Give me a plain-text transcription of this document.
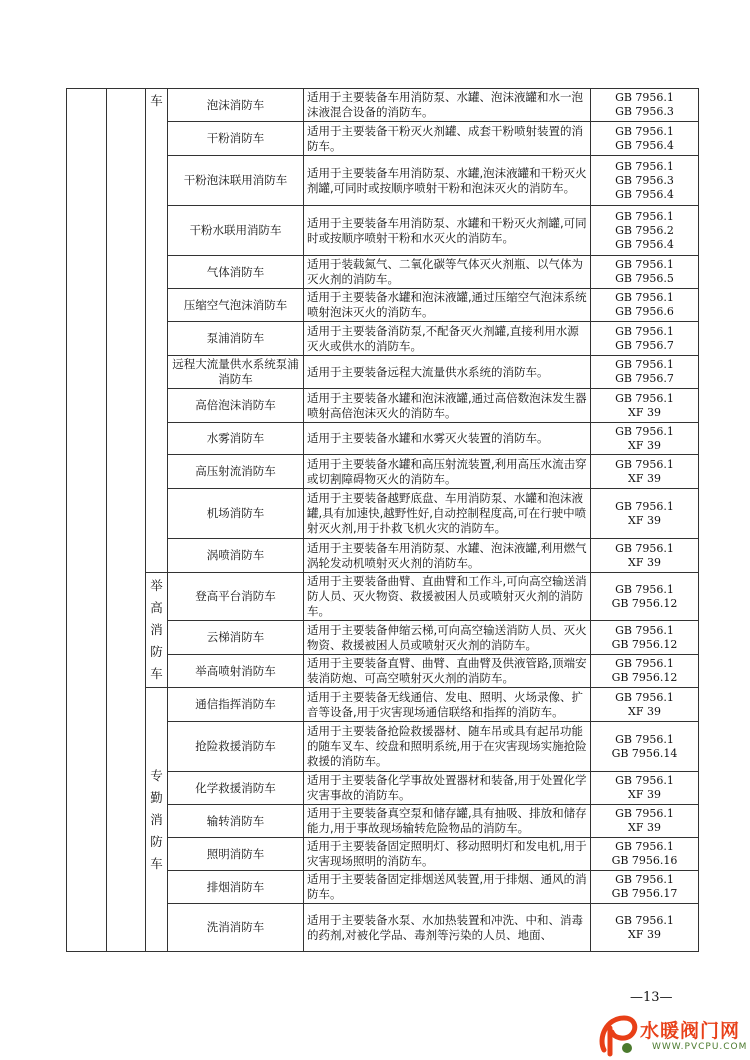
		车	泡沫消防车	适用于主要装备车用消防泵、水罐、泡沫液罐和水一泡沫液混合设备的消防车。	GB 7956.1
GB 7956.3

			干粉消防车	适用于主要装备干粉灭火剂罐、成套干粉喷射装置的消防车。	GB 7956.1
GB 7956.4

			干粉泡沫联用消防车	适用于主要装备车用消防泵、水罐,泡沫液罐和干粉灭火剂罐,可同时或按顺序喷射干粉和泡沫灭火的消防车。	GB 7956.1
GB 7956.3
GB 7956.4

			干粉水联用消防车	适用于主要装备车用消防泵、水罐和干粉灭火剂罐,可同时或按顺序喷射干粉和水灭火的消防车。	GB 7956.1
GB 7956.2
GB 7956.4

			气体消防车	适用于装载氮气、二氧化碳等气体灭火剂瓶、以气体为灭火剂的消防车。	GB 7956.1
GB 7956.5

			压缩空气泡沫消防车	适用于主要装备水罐和泡沫液罐,通过压缩空气泡沫系统喷射泡沫灭火的消防车。	GB 7956.1
GB 7956.6

			泵浦消防车	适用于主要装备消防泵,不配备灭火剂罐,直接利用水源灭火或供水的消防车。	GB 7956.1
GB 7956.7

			远程大流量供水系统泵浦消防车	适用于主要装备远程大流量供水系统的消防车。	GB 7956.1
GB 7956.7

			高倍泡沫消防车	适用于主要装备水罐和泡沫液罐,通过高倍数泡沫发生器喷射高倍泡沫灭火的消防车。	GB 7956.1
XF 39

			水雾消防车	适用于主要装备水罐和水雾灭火装置的消防车。	GB 7956.1
XF 39

			高压射流消防车	适用于主要装备水罐和高压射流装置,利用高压水流击穿或切割障碍物灭火的消防车。	GB 7956.1
XF 39

			机场消防车	适用于主要装备越野底盘、车用消防泵、水罐和泡沫液罐,具有加速快,越野性好,自动控制程度高,可在行驶中喷射灭火剂,用于扑救飞机火灾的消防车。	GB 7956.1
XF 39

			涡喷消防车	适用于主要装备车用消防泵、水罐、泡沫液罐,利用燃气涡轮发动机喷射灭火剂的消防车。	GB 7956.1
XF 39

		举高消防车	登高平台消防车	适用于主要装备曲臂、直曲臂和工作斗,可向高空输送消防人员、灭火物资、救援被困人员或喷射灭火剂的消防车。	GB 7956.1
GB 7956.12

			云梯消防车	适用于主要装备伸缩云梯,可向高空输送消防人员、灭火物资、救援被困人员或喷射灭火剂的消防车。	GB 7956.1
GB 7956.12

			举高喷射消防车	适用于主要装备直臂、曲臂、直曲臂及供液管路,顶端安装消防炮、可高空喷射灭火剂的消防车。	GB 7956.1
GB 7956.12

		专勤消防车	通信指挥消防车	适用于主要装备无线通信、发电、照明、火场录像、扩音等设备,用于灾害现场通信联络和指挥的消防车。	GB 7956.1
XF 39

			抢险救援消防车	适用于主要装备抢险救援器材、随车吊或具有起吊功能的随车叉车、绞盘和照明系统,用于在灾害现场实施抢险救援的消防车。	GB 7956.1
GB 7956.14

			化学救援消防车	适用于主要装备化学事故处置器材和装备,用于处置化学灾害事故的消防车。	GB 7956.1
XF 39

			输转消防车	适用于主要装备真空泵和储存罐,具有抽吸、排放和储存能力,用于事故现场输转危险物品的消防车。	GB 7956.1
XF 39

			照明消防车	适用于主要装备固定照明灯、移动照明灯和发电机,用于灾害现场照明的消防车。	GB 7956.1
GB 7956.16

			排烟消防车	适用于主要装备固定排烟送风装置,用于排烟、通风的消防车。	GB 7956.1
GB 7956.17

			洗消消防车	适用于主要装备水泵、水加热装置和冲洗、中和、消毒的药剂,对被化学品、毒剂等污染的人员、地面、	GB 7956.1
XF 39
—13—
水暖阀门网
WWW.PVCPU.COM
